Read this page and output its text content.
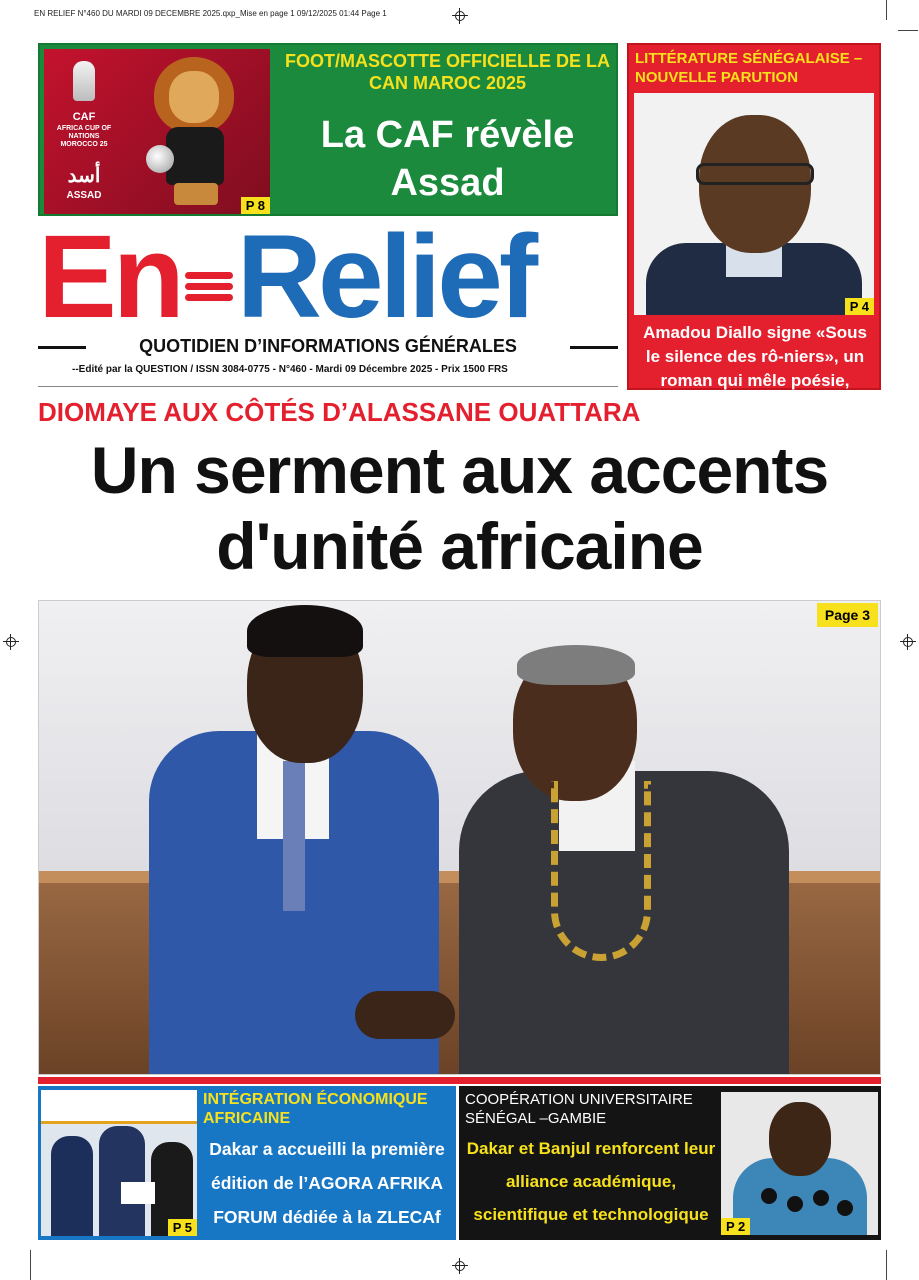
EN RELIEF N°460 DU MARDI 09 DECEMBRE 2025.qxp_Mise en page 1 09/12/2025 01:44 Page 1
CAF
AFRICA CUP OF NATIONS MOROCCO 25
أسد
ASSAD
P 8
FOOT/MASCOTTE OFFICIELLE DE LA CAN MAROC 2025
La CAF révèle Assad
En Relief
QUOTIDIEN D’INFORMATIONS GÉNÉRALES
--Edité par la QUESTION / ISSN 3084-0775 - N°460 - Mardi 09 Décembre 2025 - Prix 1500 FRS
LITTÉRATURE SÉNÉGALAISE – NOUVELLE PARUTION
P 4
Amadou Diallo signe «Sous le silence des rô-niers», un roman qui mêle poésie, mémoire et drame
DIOMAYE AUX CÔTÉS D’ALASSANE OUATTARA
Un serment aux accents
d'unité africaine
Page 3
P 5
INTÉGRATION ÉCONOMIQUE AFRICAINE
Dakar a accueilli la première édition de l’AGORA AFRIKA FORUM dédiée à la ZLECAf
COOPÉRATION UNIVERSITAIRE SÉNÉGAL –GAMBIE
Dakar et Banjul renforcent leur alliance académique, scientifique et technologique
P 2
